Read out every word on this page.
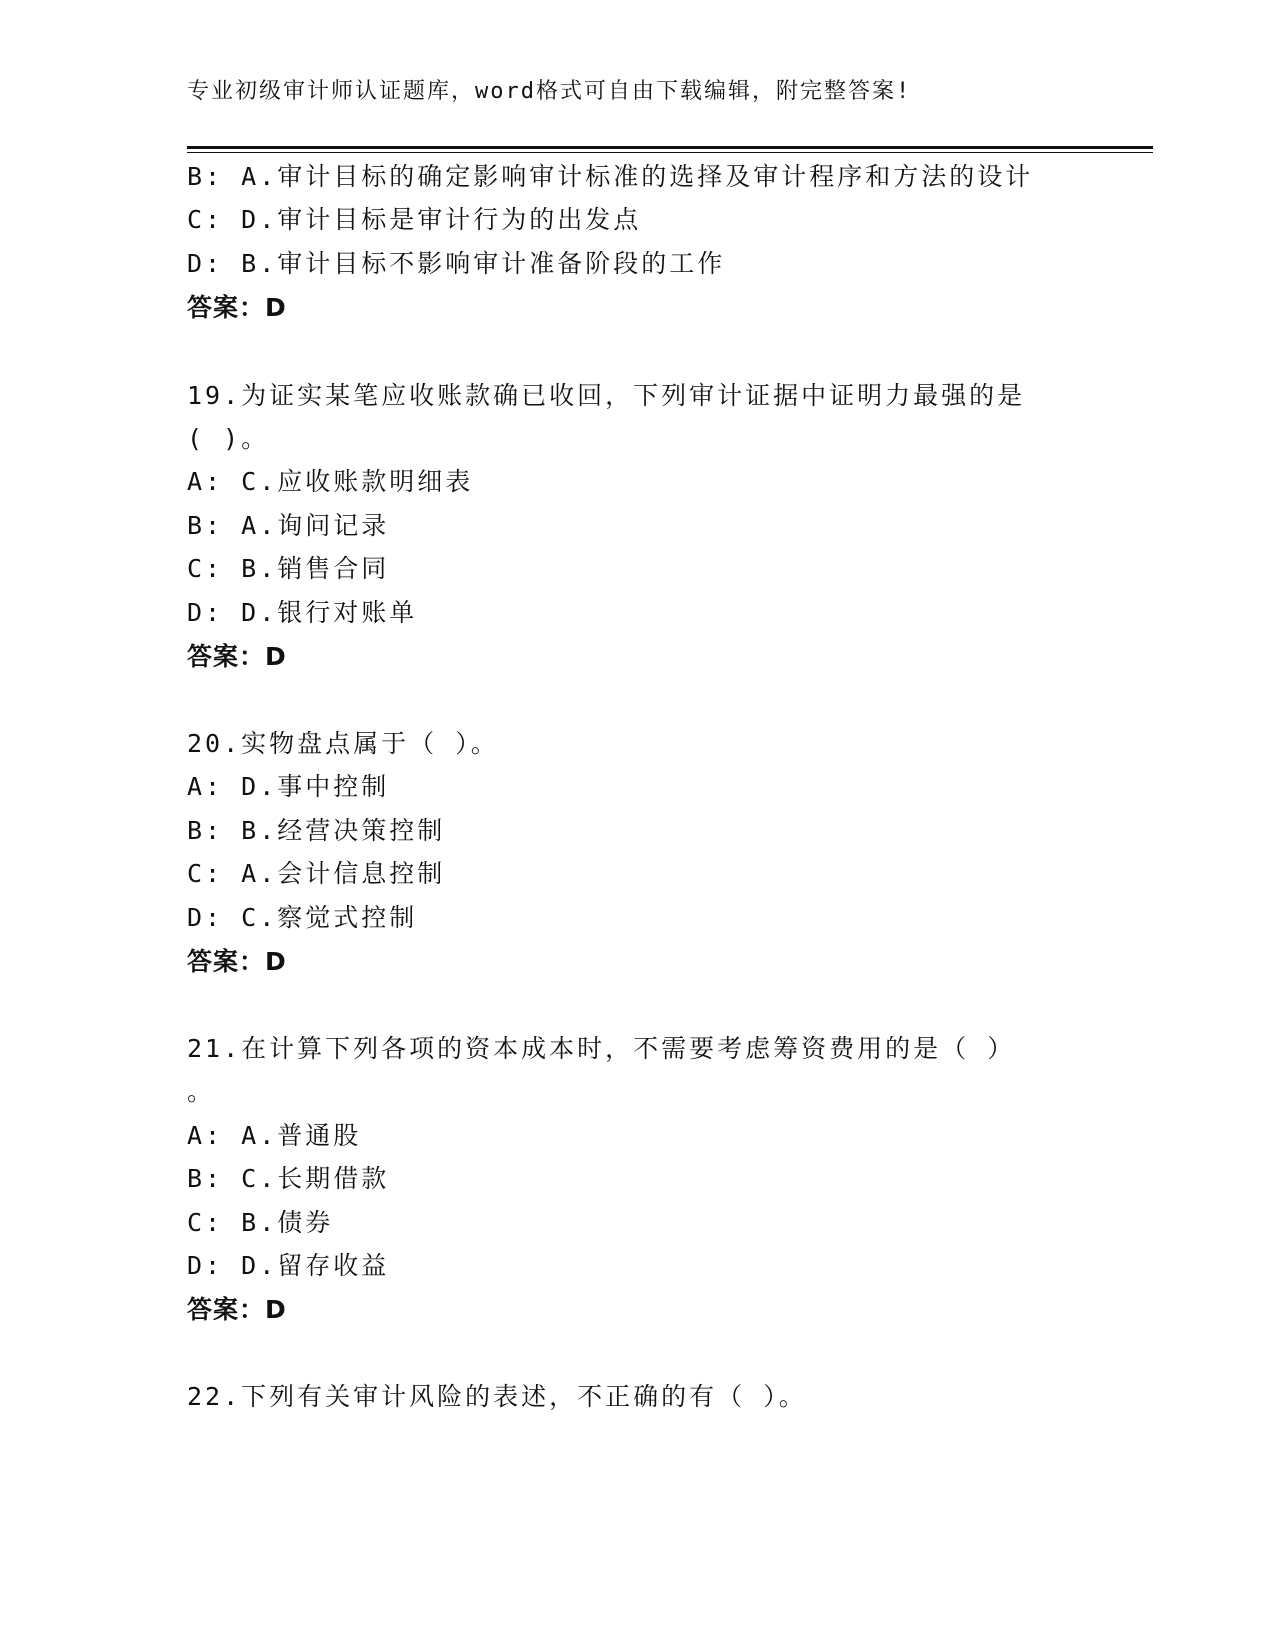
专业初级审计师认证题库，word格式可自由下载编辑，附完整答案!
B: A.审计目标的确定影响审计标准的选择及审计程序和方法的设计
C: D.审计目标是审计行为的出发点
D: B.审计目标不影响审计准备阶段的工作
答案：D
19.为证实某笔应收账款确已收回，下列审计证据中证明力最强的是
( )。
A: C.应收账款明细表
B: A.询问记录
C: B.销售合同
D: D.银行对账单
答案：D
20.实物盘点属于（ ）。
A: D.事中控制
B: B.经营决策控制
C: A.会计信息控制
D: C.察觉式控制
答案：D
21.在计算下列各项的资本成本时，不需要考虑筹资费用的是（ ）
。
A: A.普通股
B: C.长期借款
C: B.债券
D: D.留存收益
答案：D
22.下列有关审计风险的表述，不正确的有（ ）。
